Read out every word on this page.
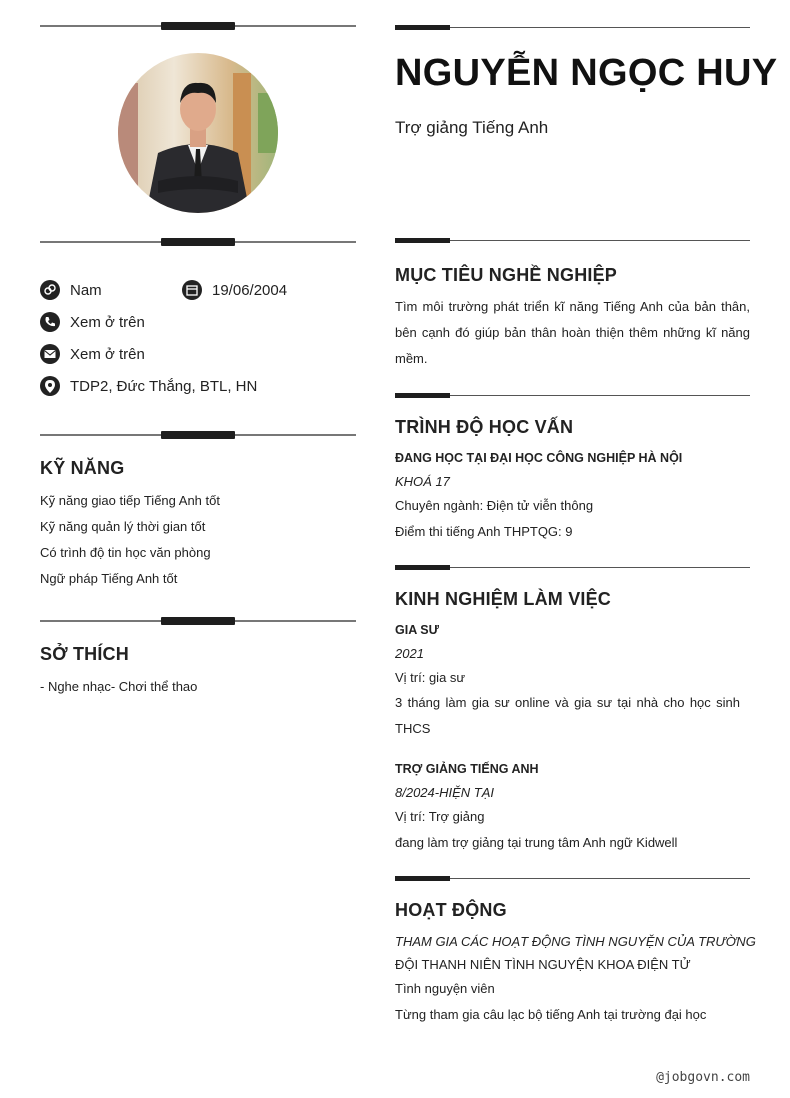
Nam	19/06/2004
Xem ở trên
Xem ở trên
TDP2, Đức Thắng, BTL, HN
KỸ NĂNG
Kỹ năng giao tiếp Tiếng Anh tốt
Kỹ năng quản lý thời gian tốt
Có trình độ tin học văn phòng
Ngữ pháp Tiếng Anh tốt
SỞ THÍCH
- Nghe nhạc- Chơi thể thao
NGUYỄN NGỌC HUY
Trợ giảng Tiếng Anh
MỤC TIÊU NGHỀ NGHIỆP
Tìm môi trường phát triển kĩ năng Tiếng Anh của bản thân, bên cạnh đó giúp bản thân hoàn thiện thêm những kĩ năng mềm.
TRÌNH ĐỘ HỌC VẤN
ĐANG HỌC TẠI ĐẠI HỌC CÔNG NGHIỆP HÀ NỘI
KHOÁ 17
Chuyên ngành: Điện tử viễn thông
Điểm thi tiếng Anh THPTQG: 9
KINH NGHIỆM LÀM VIỆC
GIA SƯ
2021
Vị trí: gia sư
3 tháng làm gia sư online và gia sư tại nhà cho học sinh THCS
TRỢ GIẢNG TIẾNG ANH
8/2024-HIỆN TẠI
Vị trí: Trợ giảng
đang làm trợ giảng tại trung tâm Anh ngữ Kidwell
HOẠT ĐỘNG
THAM GIA CÁC HOẠT ĐỘNG TÌNH NGUYỆN CỦA TRƯỜNG
ĐỘI THANH NIÊN TÌNH NGUYỆN KHOA ĐIỆN TỬ
Tình nguyện viên
Từng tham gia câu lạc bộ tiếng Anh tại trường đại học
@jobgovn.com
